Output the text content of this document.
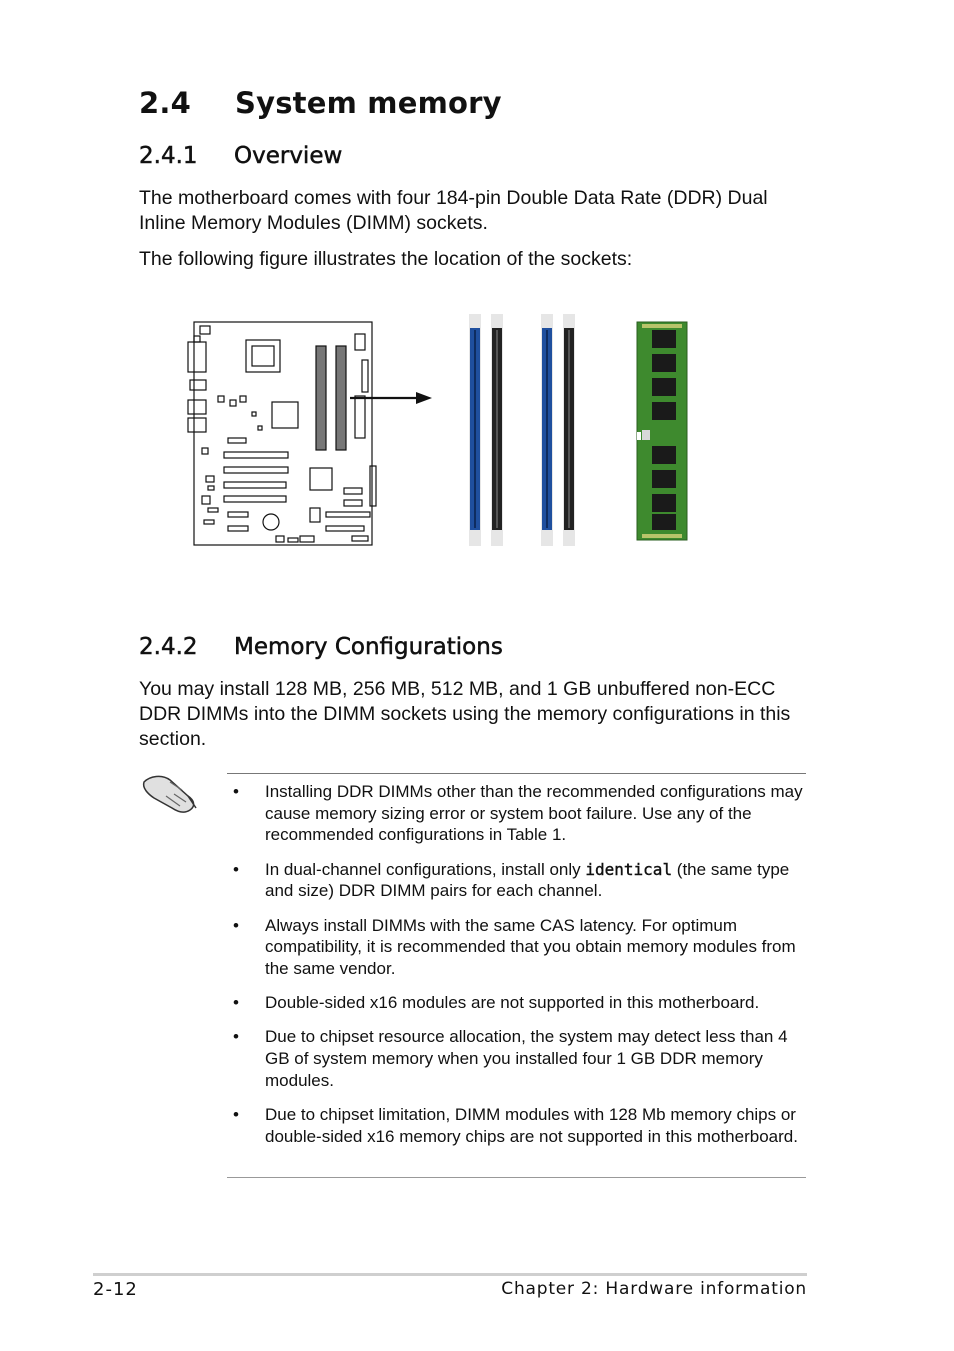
2.4 System memory
2.4.1 Overview

The motherboard comes with four 184-pin Double Data Rate (DDR) Dual Inline Memory Modules (DIMM) sockets.

The following figure illustrates the location of the sockets:

2.4.2 Memory Configurations

You may install 128 MB, 256 MB, 512 MB, and 1 GB unbuffered non-ECC DDR DIMMs into the DIMM sockets using the memory configurations in this section.

• Installing DDR DIMMs other than the recommended configurations may cause memory sizing error or system boot failure. Use any of the recommended configurations in Table 1.
• In dual-channel configurations, install only identical (the same type and size) DDR DIMM pairs for each channel.
• Always install DIMMs with the same CAS latency. For optimum compatibility, it is recommended that you obtain memory modules from the same vendor.
• Double-sided x16 modules are not supported in this motherboard.
• Due to chipset resource allocation, the system may detect less than 4 GB of system memory when you installed four 1 GB DDR memory modules.
• Due to chipset limitation, DIMM modules with 128 Mb memory chips or double-sided x16 memory chips are not supported in this motherboard.
2-12	Chapter 2: Hardware information
